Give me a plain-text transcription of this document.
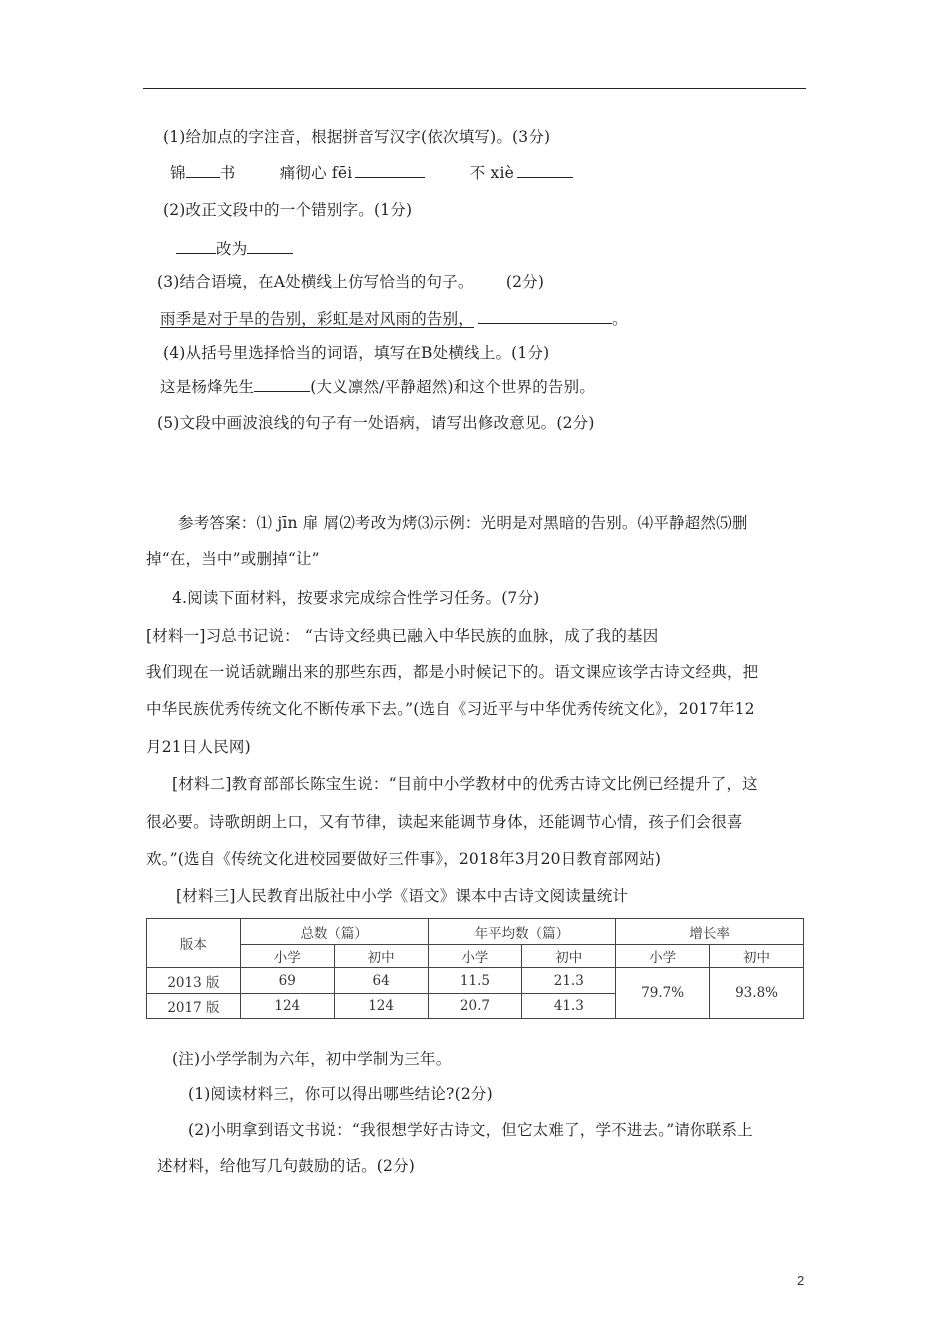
(1)给加点的字注音，根据拼音写汉字(依次填写)。(3分)
锦 书	痛彻心 fēi	不 xiè
(2)改正文段中的一个错别字。(1分)
改为
(3)结合语境，在A处横线上仿写恰当的句子。 (2分)
雨季是对于旱的告别，彩虹是对风雨的告别，	。
(4)从括号里选择恰当的词语，填写在B处横线上。(1分)
这是杨烽先生	(大义凛然/平静超然)和这个世界的告别。
(5)文段中画波浪线的句子有一处语病，请写出修改意见。(2分)
参考答案：⑴ jīn 扉 屑⑵考改为烤⑶示例：光明是对黑暗的告别。⑷平静超然⑸删
掉“在，当中”或删掉“让”
4.阅读下面材料，按要求完成综合性学习任务。(7分)
[材料一]习总书记说： “古诗文经典已融入中华民族的血脉，成了我的基因
我们现在一说话就蹦出来的那些东西，都是小时候记下的。语文课应该学古诗文经典，把
中华民族优秀传统文化不断传承下去。”(选自《习近平与中华优秀传统文化》，2017年12
月21日人民网)
[材料二]教育部部长陈宝生说：“目前中小学教材中的优秀古诗文比例已经提升了，这
很必要。诗歌朗朗上口，又有节律，读起来能调节身体，还能调节心情，孩子们会很喜
欢。”(选自《传统文化进校园要做好三件事》，2018年3月20日教育部网站)
[材料三]人民教育出版社中小学《语文》课本中古诗文阅读量统计
版本	总数（篇）		年平均数（篇）		增长率	
	小学	初中	小学	初中	小学	初中
2013 版	69	64	11.5	21.3	79.7%	93.8%
2017 版	124	124	20.7	41.3		
(注)小学学制为六年，初中学制为三年。
(1)阅读材料三，你可以得出哪些结论?(2分)
(2)小明拿到语文书说：“我很想学好古诗文，但它太难了，学不进去。”请你联系上
述材料，给他写几句鼓励的话。(2分)
2
